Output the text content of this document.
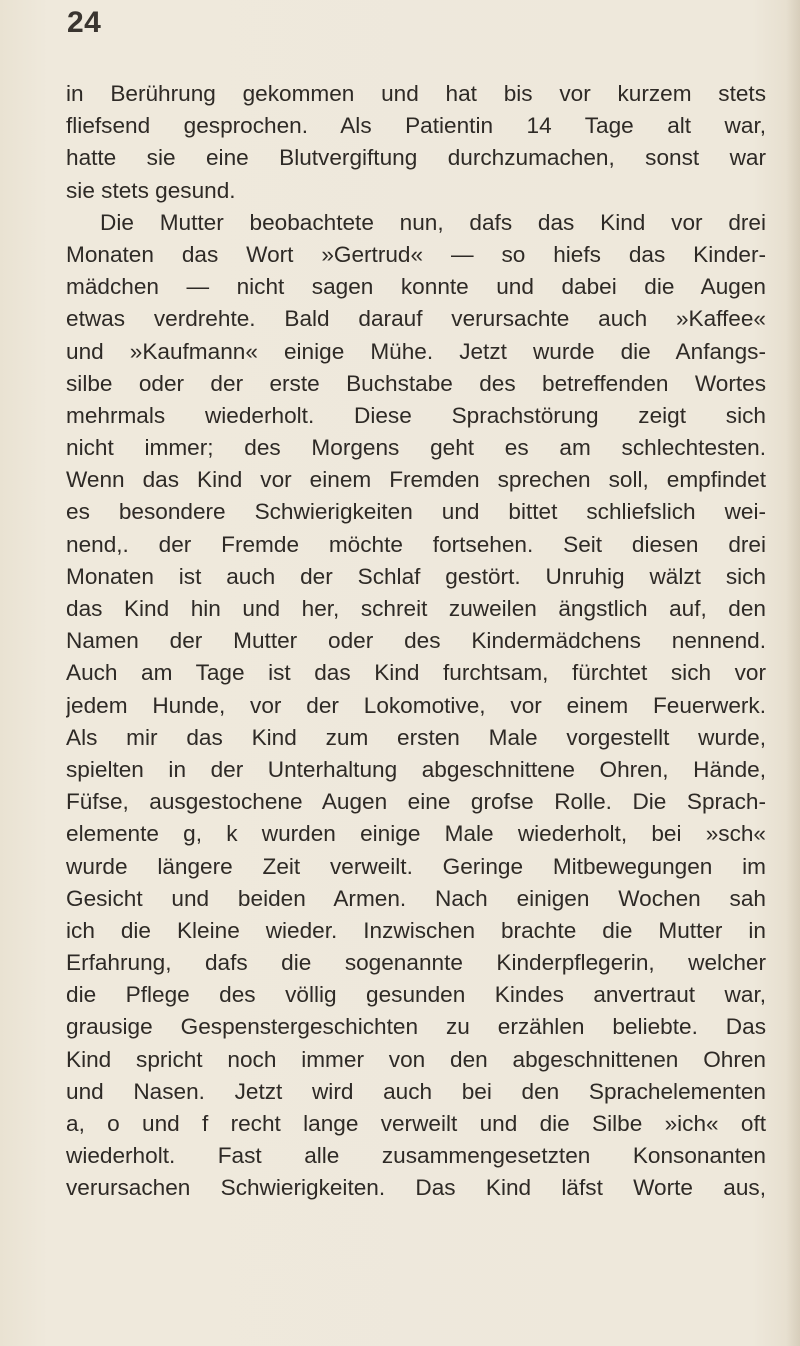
24
in Berührung gekommen und hat bis vor kurzem stets
fliefsend gesprochen. Als Patientin 14 Tage alt war,
hatte sie eine Blutvergiftung durchzumachen, sonst war
sie stets gesund.
Die Mutter beobachtete nun, dafs das Kind vor drei
Monaten das Wort »Gertrud« — so hiefs das Kinder-
mädchen — nicht sagen konnte und dabei die Augen
etwas verdrehte. Bald darauf verursachte auch »Kaffee«
und »Kaufmann« einige Mühe. Jetzt wurde die Anfangs-
silbe oder der erste Buchstabe des betreffenden Wortes
mehrmals wiederholt. Diese Sprachstörung zeigt sich
nicht immer; des Morgens geht es am schlechtesten.
Wenn das Kind vor einem Fremden sprechen soll, empfindet
es besondere Schwierigkeiten und bittet schliefslich wei-
nend,. der Fremde möchte fortsehen. Seit diesen drei
Monaten ist auch der Schlaf gestört. Unruhig wälzt sich
das Kind hin und her, schreit zuweilen ängstlich auf, den
Namen der Mutter oder des Kindermädchens nennend.
Auch am Tage ist das Kind furchtsam, fürchtet sich vor
jedem Hunde, vor der Lokomotive, vor einem Feuerwerk.
Als mir das Kind zum ersten Male vorgestellt wurde,
spielten in der Unterhaltung abgeschnittene Ohren, Hände,
Füfse, ausgestochene Augen eine grofse Rolle. Die Sprach-
elemente g, k wurden einige Male wiederholt, bei »sch«
wurde längere Zeit verweilt. Geringe Mitbewegungen im
Gesicht und beiden Armen. Nach einigen Wochen sah
ich die Kleine wieder. Inzwischen brachte die Mutter in
Erfahrung, dafs die sogenannte Kinderpflegerin, welcher
die Pflege des völlig gesunden Kindes anvertraut war,
grausige Gespenstergeschichten zu erzählen beliebte. Das
Kind spricht noch immer von den abgeschnittenen Ohren
und Nasen. Jetzt wird auch bei den Sprachelementen
a, o und f recht lange verweilt und die Silbe »ich« oft
wiederholt. Fast alle zusammengesetzten Konsonanten
verursachen Schwierigkeiten. Das Kind läfst Worte aus,
